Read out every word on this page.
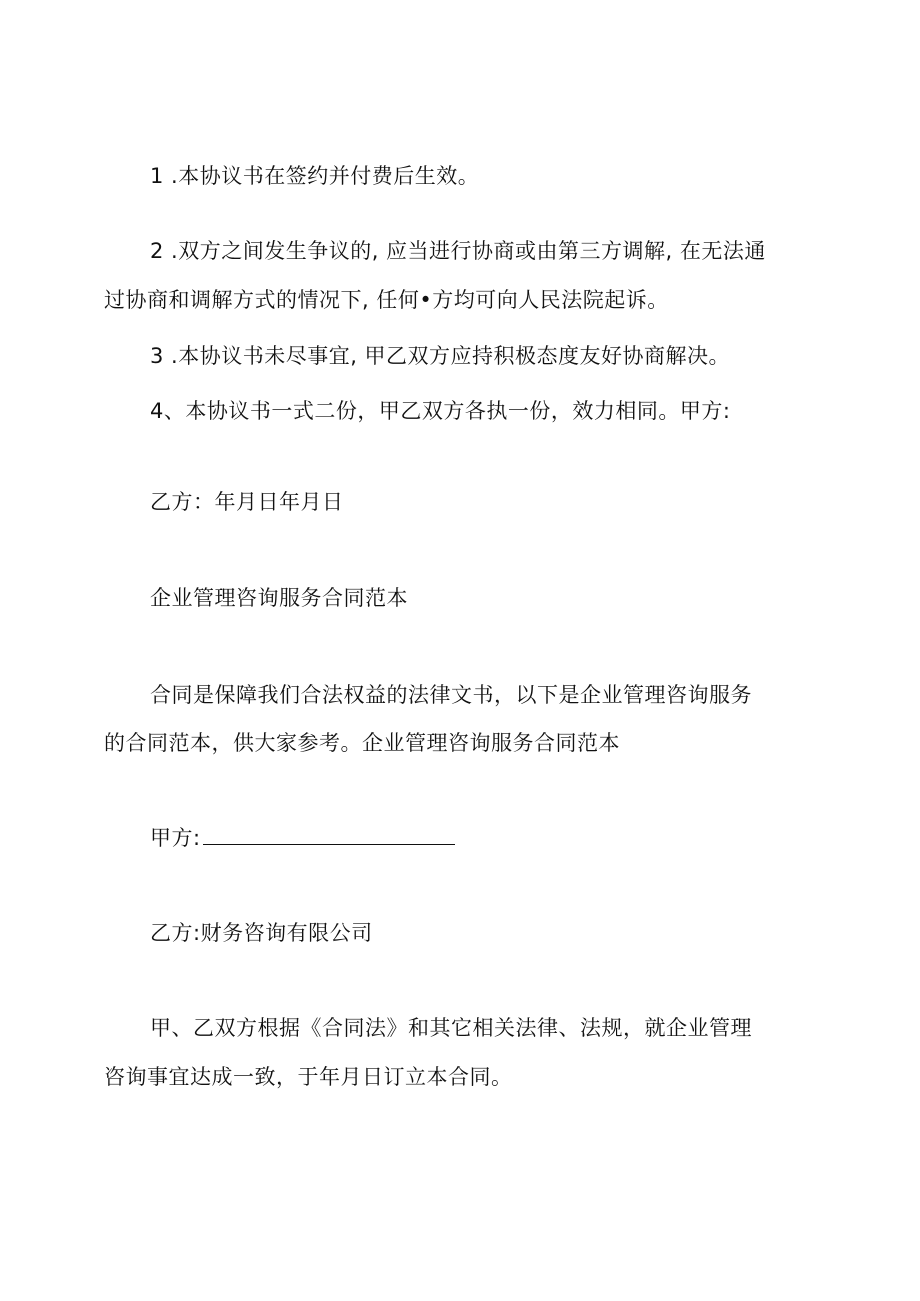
1 .本协议书在签约并付费后生效。
2 .双方之间发生争议的, 应当进行协商或由第三方调解, 在无法通
过协商和调解方式的情况下, 任何•方均可向人民法院起诉。
3 .本协议书未尽事宜, 甲乙双方应持积极态度友好协商解决。
4、本协议书一式二份，甲乙双方各执一份，效力相同。甲方:
乙方：年月日年月日
企业管理咨询服务合同范本
合同是保障我们合法权益的法律文书，以下是企业管理咨询服务
的合同范本，供大家参考。企业管理咨询服务合同范本
甲方:
乙方:财务咨询有限公司
甲、乙双方根据《合同法》和其它相关法律、法规，就企业管理
咨询事宜达成一致，于年月日订立本合同。
